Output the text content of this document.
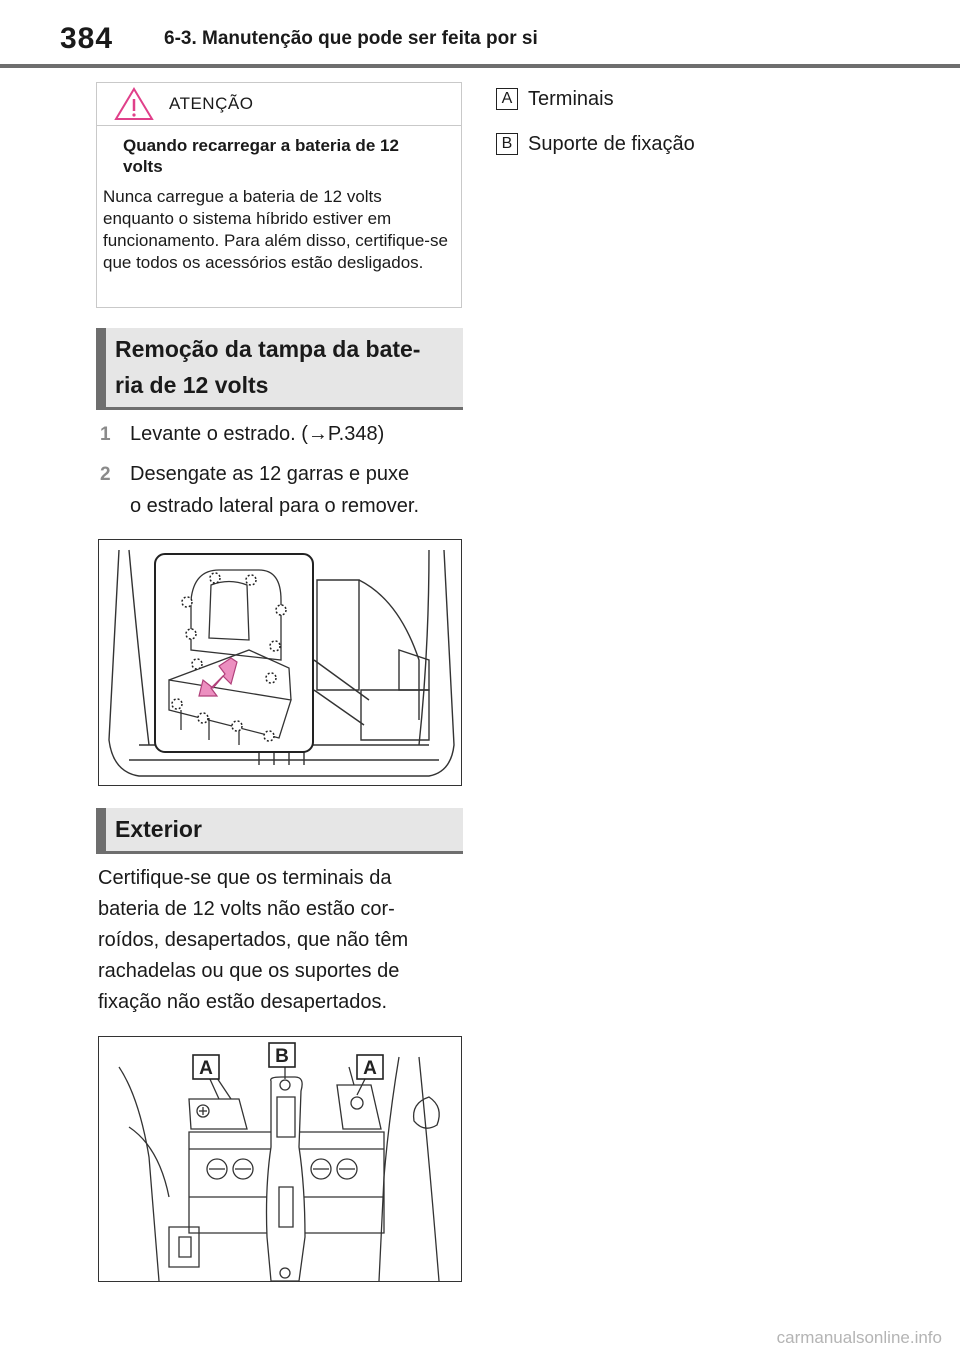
384	6-3. Manutenção que pode ser feita por si
ATENÇÃO
Quando recarregar a bateria de 12 volts
Nunca carregue a bateria de 12 volts enquanto o sistema híbrido estiver em funcionamento. Para além disso, certifique-se que todos os acessórios estão desligados.
Remoção da tampa da bate-
ria de 12 volts
1 Levante o estrado. (→P.348)
2 Desengate as 12 garras e puxe
o estrado lateral para o remover.
Exterior
Certifique-se que os terminais da
bateria de 12 volts não estão cor-
roídos, desapertados, que não têm
rachadelas ou que os suportes de
fixação não estão desapertados.
A
B
A
A Terminais
B Suporte de fixação
carmanualsonline.info
